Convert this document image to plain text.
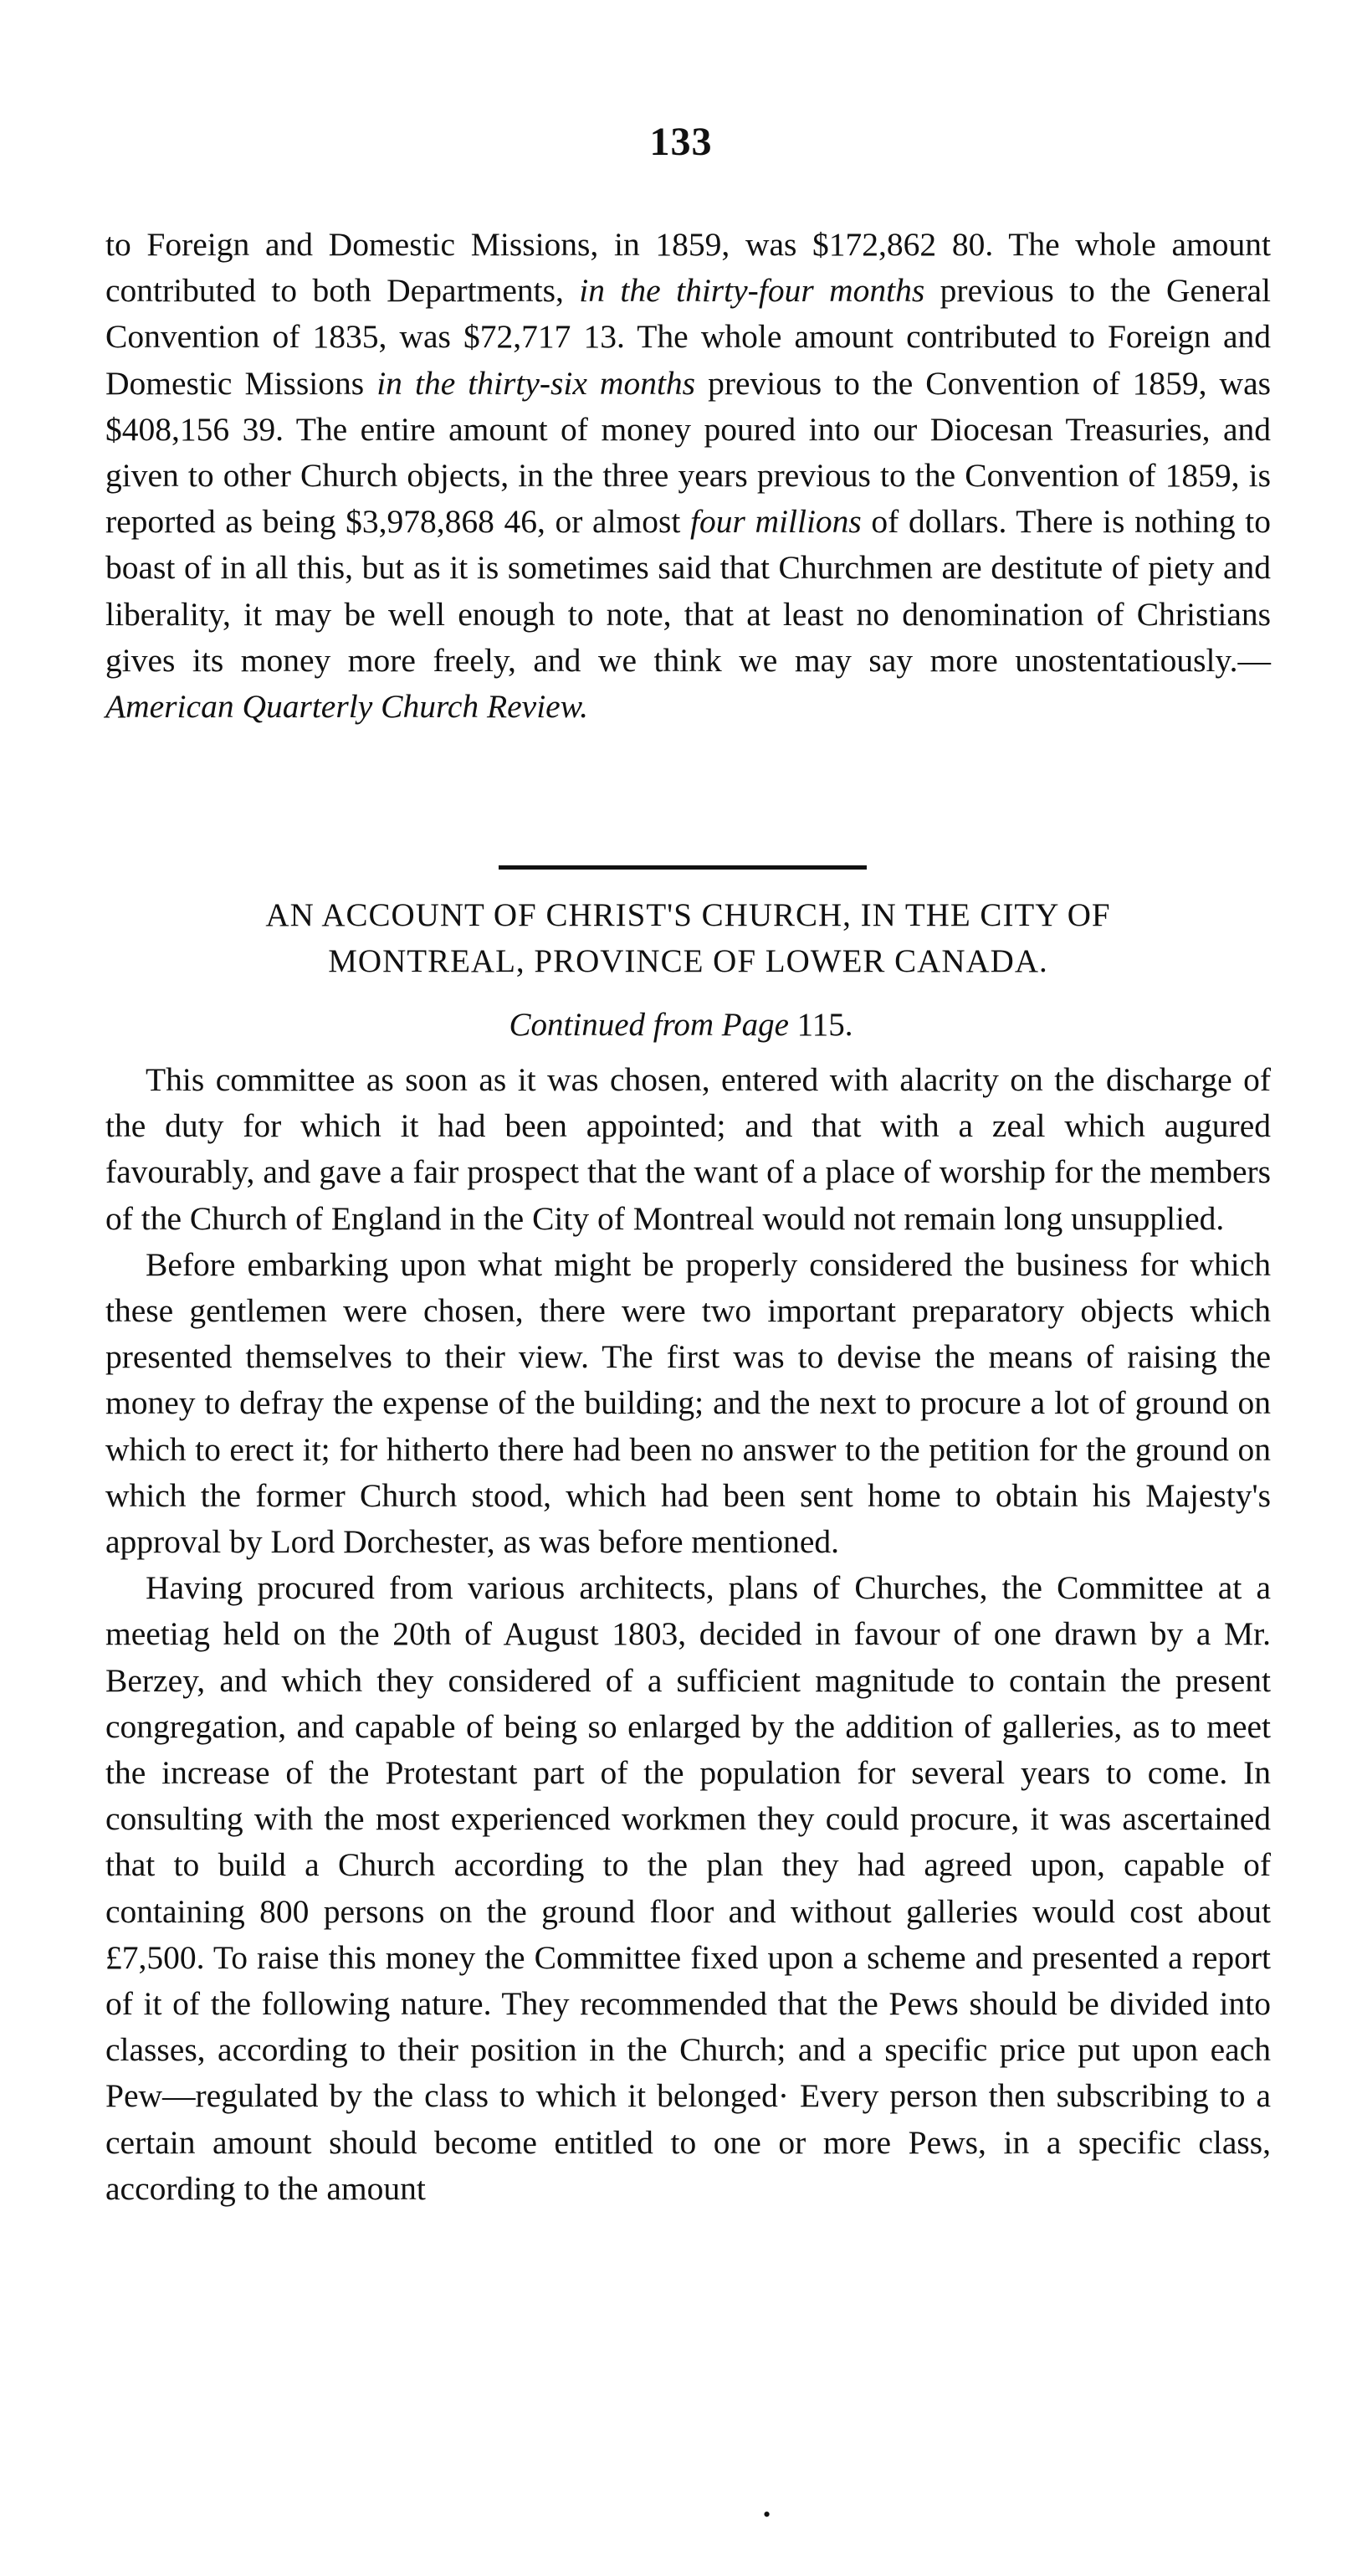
133

to Foreign and Domestic Missions, in 1859, was $172,862 80. The whole amount contributed to both Departments, in the thirty-four months previous to the General Convention of 1835, was $72,717 13. The whole amount contributed to Foreign and Domestic Missions in the thirty-six months previous to the Convention of 1859, was $408,156 39. The entire amount of money poured into our Diocesan Treasuries, and given to other Church objects, in the three years previous to the Convention of 1859, is reported as being $3,978,868 46, or almost four millions of dollars. There is nothing to boast of in all this, but as it is sometimes said that Churchmen are destitute of piety and liberality, it may be well enough to note, that at least no denomination of Christians gives its money more freely, and we think we may say more unostentatiously.—American Quarterly Church Review.

AN ACCOUNT OF CHRIST'S CHURCH, IN THE CITY OF
MONTREAL, PROVINCE OF LOWER CANADA.
Continued from Page 115.

This committee as soon as it was chosen, entered with alacrity on the discharge of the duty for which it had been appointed; and that with a zeal which augured favourably, and gave a fair prospect that the want of a place of worship for the members of the Church of England in the City of Montreal would not remain long unsupplied.

Before embarking upon what might be properly considered the business for which these gentlemen were chosen, there were two important preparatory objects which presented themselves to their view. The first was to devise the means of raising the money to defray the expense of the building; and the next to procure a lot of ground on which to erect it; for hitherto there had been no answer to the petition for the ground on which the former Church stood, which had been sent home to obtain his Majesty's approval by Lord Dorchester, as was before mentioned.

Having procured from various architects, plans of Churches, the Committee at a meetiag held on the 20th of August 1803, decided in favour of one drawn by a Mr. Berzey, and which they considered of a sufficient magnitude to contain the present congregation, and capable of being so enlarged by the addition of galleries, as to meet the increase of the Protestant part of the population for several years to come. In consulting with the most experienced workmen they could procure, it was ascertained that to build a Church according to the plan they had agreed upon, capable of containing 800 persons on the ground floor and without galleries would cost about £7,500. To raise this money the Committee fixed upon a scheme and presented a report of it of the following nature. They recommended that the Pews should be divided into classes, according to their position in the Church; and a specific price put upon each Pew—regulated by the class to which it belonged· Every person then subscribing to a certain amount should become entitled to one or more Pews, in a specific class, according to the amount

•
